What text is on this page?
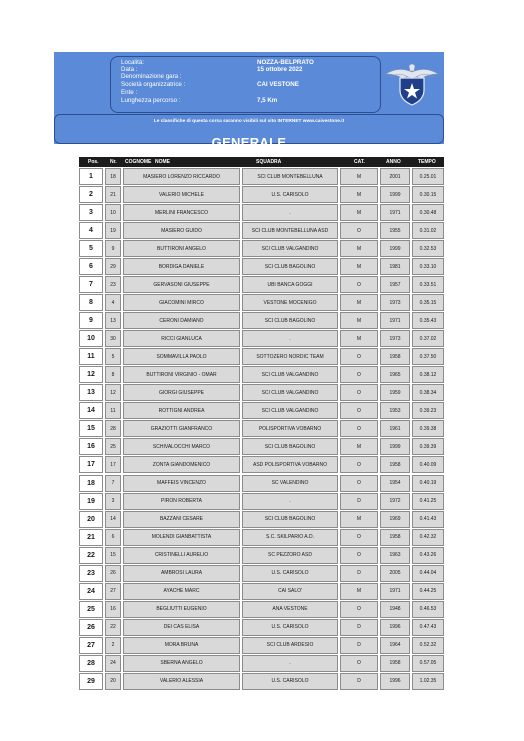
Località:	NOZZA-BELPRATO
Data :	15 ottobre 2022
Denominazione gara :
Società organizzatrice :	CAI VESTONE
Ente :
Lunghezza percorso :	7,5 Km
Le classifiche di questa corsa saranno visibili sul sito INTERNET www.caivestone.it
GENERALE
Pos. Nr. COGNOME NOME	SQUADRA	CAT.	ANNO	TEMPO
1	18	MASIERO LORENZO RICCARDO	SCI CLUB MONTEBELLUNA	M	2001	0.25.01
2	21	VALERIO MICHELE	U.S. CARISOLO	M	1999	0.30.15
3	10	MERLINI FRANCESCO	.	M	1971	0.30.48
4	19	MASIERO GUIDO	SCI CLUB MONTEBELLUNA ASD	O	1955	0.31.02
5	9	BUTTIRONI ANGELO	SCI CLUB VALGANDINO	M	1999	0.32.53
6	29	BORDIGA DANIELE	SCI CLUB BAGOLINO	M	1981	0.33.10
7	23	GERVASONI GIUSEPPE	UBI BANCA GOGGI	O	1957	0.33.51
8	4	GIACOMINI MIRCO	VESTONE MOCENIGO	M	1973	0.35.15
9	13	CERONI DAMIANO	SCI CLUB BAGOLINO	M	1971	0.35.43
10	30	RICCI GIANLUCA	.	M	1973	0.37.02
11	5	SOMMAVILLA PAOLO	SOTTOZERO NORDIC TEAM	O	1958	0.37.50
12	8	BUTTIRONI VIRGINIO - OMAR	SCI CLUB VALGANDINO	O	1965	0.38.12
13	12	GIORGI GIUSEPPE	SCI CLUB VALGANDINO	O	1959	0.38.34
14	11	ROTTIGNI ANDREA	SCI CLUB VALGANDINO	O	1953	0.39.23
15	28	GRAZIOTTI GIANFRANCO	POLISPORTIVA VOBARNO	O	1961	0.39.38
16	25	SCHIVALOCCHI MARCO	SCI CLUB BAGOLINO	M	1999	0.39.39
17	17	ZONTA GIANDOMENICO	ASD POLISPORTIVA VOBARNO	O	1958	0.40.09
18	7	MAFFEIS VINCENZO	SC VALENDINO	O	1954	0.40.19
19	3	PIRON ROBERTA	.	D	1972	0.41.25
20	14	BAZZANI CESARE	SCI CLUB BAGOLINO	M	1969	0.41.43
21	6	MOLENDI GIANBATTISTA	S.C. SKILPARIO A.D.	O	1958	0.42.32
22	15	CRISTINELLI AURELIO	SC PEZZORO ASD	O	1963	0.43.26
23	26	AMBROSI LAURA	U.S. CARISOLO	D	2005	0.44.04
24	27	AYACHE MARC	CAI SALO'	M	1971	0.44.25
25	16	BEGLIUTTI EUGENIO	ANA VESTONE	O	1948	0.46.53
26	22	DEI CAS ELISA	U.S. CARISOLO	D	1996	0.47.43
27	2	MORA BRUNA	SCI CLUB ARDESIO	D	1964	0.52.32
28	24	SBERNA ANGELO	.	O	1958	0.57.05
29	20	VALERIO ALESSIA	U.S. CARISOLO	D	1996	1.02.35
